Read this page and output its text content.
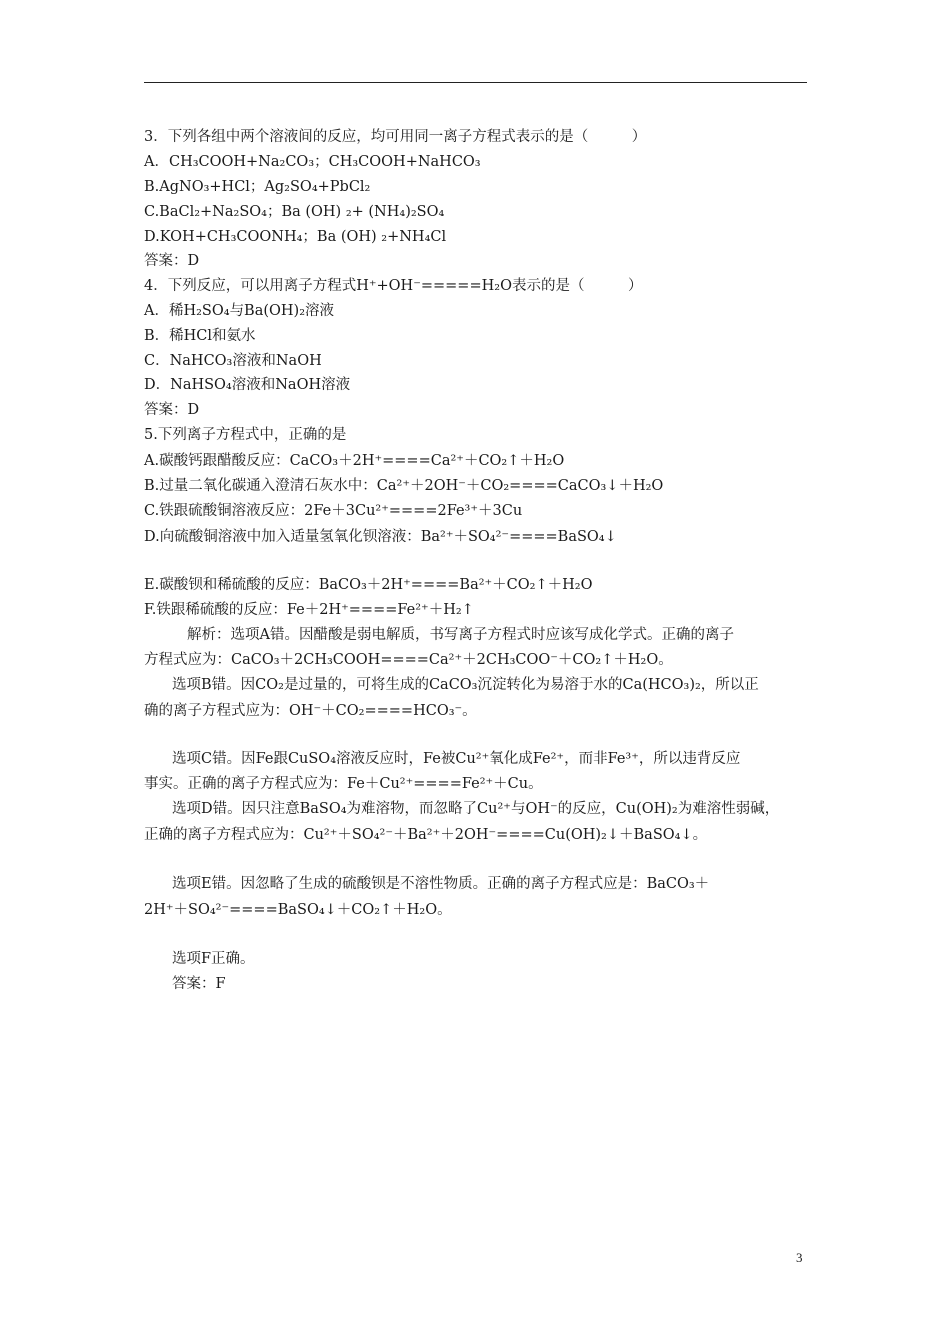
3．下列各组中两个溶液间的反应，均可用同一离子方程式表示的是（　　　）
A．CH₃COOH+Na₂CO₃；CH₃COOH+NaHCO₃
B.AgNO₃+HCl；Ag₂SO₄+PbCl₂
C.BaCl₂+Na₂SO₄；Ba (OH) ₂+ (NH₄)₂SO₄
D.KOH+CH₃COONH₄；Ba (OH) ₂+NH₄Cl
答案：D
4．下列反应，可以用离子方程式H⁺+OH⁻=====H₂O表示的是（　　　）
A．稀H₂SO₄与Ba(OH)₂溶液
B．稀HCl和氨水
C．NaHCO₃溶液和NaOH
D．NaHSO₄溶液和NaOH溶液
答案：D
5.下列离子方程式中，正确的是
A.碳酸钙跟醋酸反应：CaCO₃＋2H⁺====Ca²⁺＋CO₂↑＋H₂O
B.过量二氧化碳通入澄清石灰水中：Ca²⁺＋2OH⁻＋CO₂====CaCO₃↓＋H₂O
C.铁跟硫酸铜溶液反应：2Fe＋3Cu²⁺====2Fe³⁺＋3Cu
D.向硫酸铜溶液中加入适量氢氧化钡溶液：Ba²⁺＋SO₄²⁻====BaSO₄↓
E.碳酸钡和稀硫酸的反应：BaCO₃＋2H⁺====Ba²⁺＋CO₂↑＋H₂O
F.铁跟稀硫酸的反应：Fe＋2H⁺====Fe²⁺＋H₂↑
解析：选项A错。因醋酸是弱电解质，书写离子方程式时应该写成化学式。正确的离子
方程式应为：CaCO₃＋2CH₃COOH====Ca²⁺＋2CH₃COO⁻＋CO₂↑＋H₂O。
选项B错。因CO₂是过量的，可将生成的CaCO₃沉淀转化为易溶于水的Ca(HCO₃)₂，所以正
确的离子方程式应为：OH⁻＋CO₂====HCO₃⁻。
选项C错。因Fe跟CuSO₄溶液反应时，Fe被Cu²⁺氧化成Fe²⁺，而非Fe³⁺，所以违背反应
事实。正确的离子方程式应为：Fe＋Cu²⁺====Fe²⁺＋Cu。
选项D错。因只注意BaSO₄为难溶物，而忽略了Cu²⁺与OH⁻的反应，Cu(OH)₂为难溶性弱碱，
正确的离子方程式应为：Cu²⁺＋SO₄²⁻＋Ba²⁺＋2OH⁻====Cu(OH)₂↓＋BaSO₄↓。
选项E错。因忽略了生成的硫酸钡是不溶性物质。正确的离子方程式应是：BaCO₃＋
2H⁺＋SO₄²⁻====BaSO₄↓＋CO₂↑＋H₂O。
选项F正确。
答案：F
3
